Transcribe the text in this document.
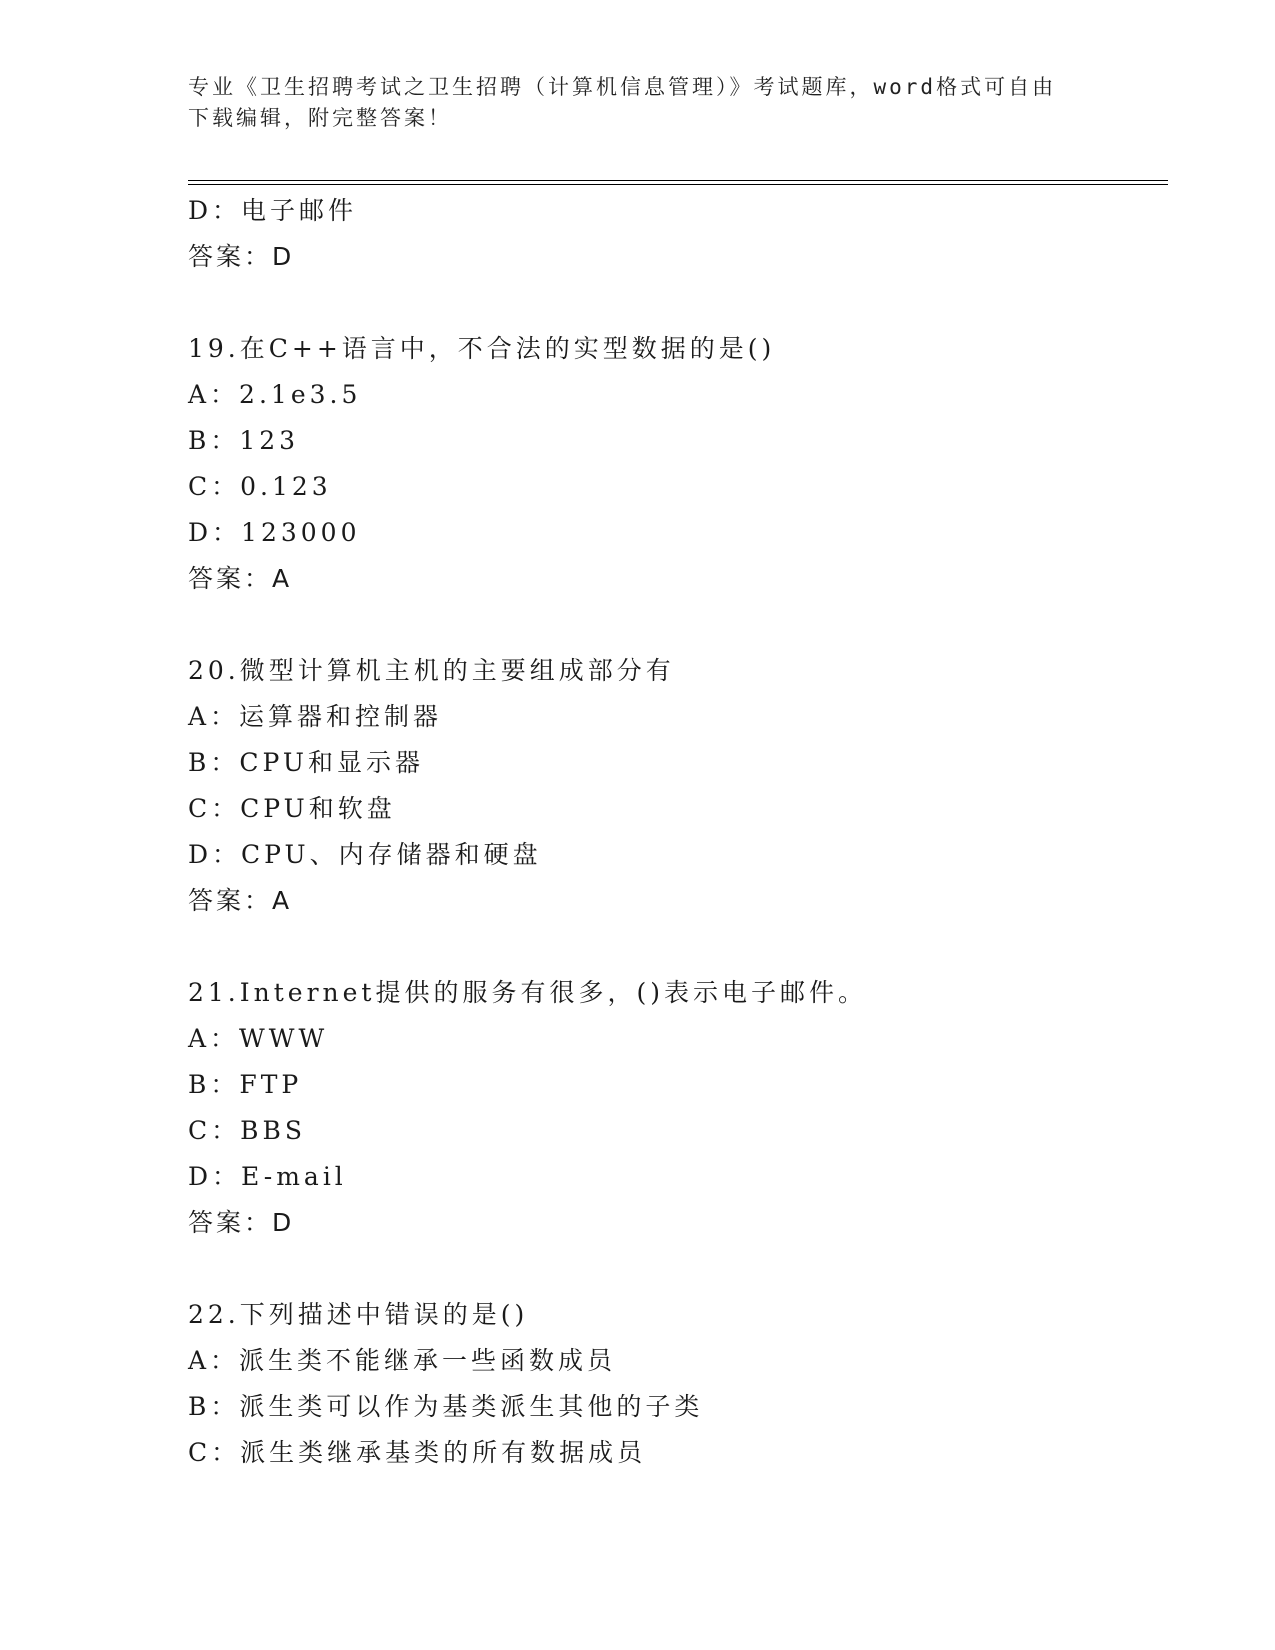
专业《卫生招聘考试之卫生招聘（计算机信息管理）》考试题库，word格式可自由下载编辑，附完整答案！
D：电子邮件
答案：D
19.在C++语言中，不合法的实型数据的是()
A：2.1e3.5
B：123
C：0.123
D：123000
答案：A
20.微型计算机主机的主要组成部分有
A：运算器和控制器
B：CPU和显示器
C：CPU和软盘
D：CPU、内存储器和硬盘
答案：A
21.Internet提供的服务有很多，()表示电子邮件。
A：WWW
B：FTP
C：BBS
D：E-mail
答案：D
22.下列描述中错误的是()
A：派生类不能继承一些函数成员
B：派生类可以作为基类派生其他的子类
C：派生类继承基类的所有数据成员
